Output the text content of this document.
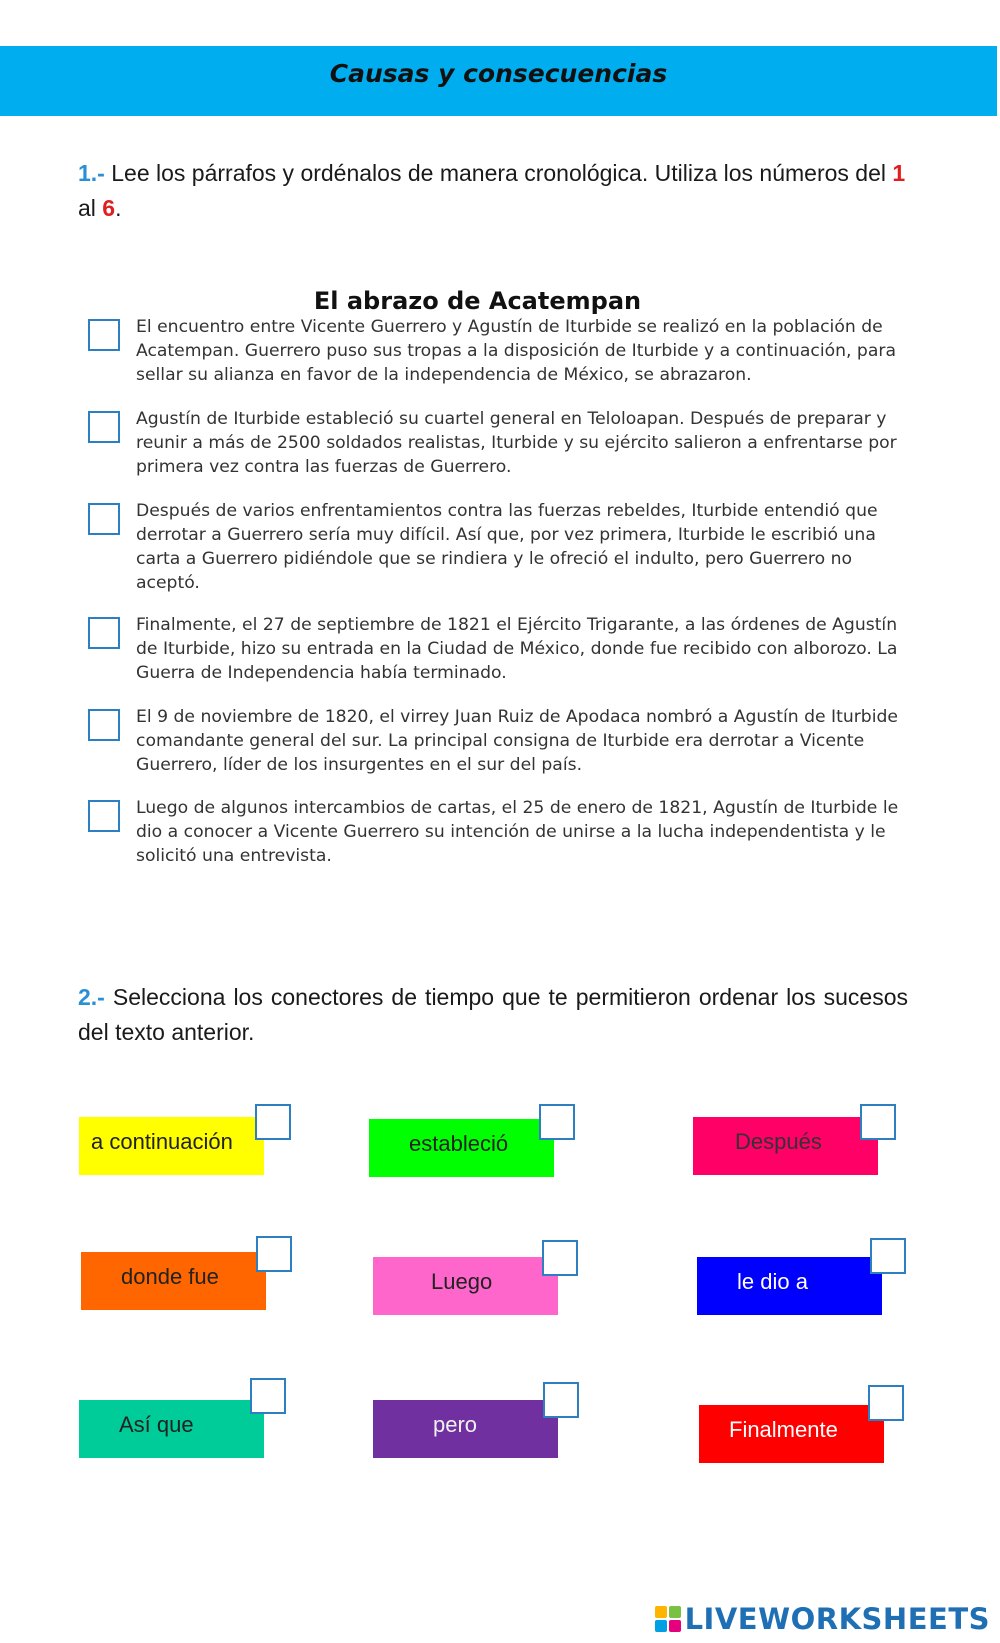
Causas y consecuencias
1.- Lee los párrafos y ordénalos de manera cronológica. Utiliza los números del 1 al 6.
El abrazo de Acatempan
El encuentro entre Vicente Guerrero y Agustín de Iturbide se realizó en la población de Acatempan. Guerrero puso sus tropas a la disposición de Iturbide y a continuación, para sellar su alianza en favor de la independencia de México, se abrazaron.
Agustín de Iturbide estableció su cuartel general en Teloloapan. Después de preparar y reunir a más de 2500 soldados realistas, Iturbide y su ejército salieron a enfrentarse por primera vez contra las fuerzas de Guerrero.
Después de varios enfrentamientos contra las fuerzas rebeldes, Iturbide entendió que derrotar a Guerrero sería muy difícil. Así que, por vez primera, Iturbide le escribió una carta a Guerrero pidiéndole que se rindiera y le ofreció el indulto, pero Guerrero no aceptó.
Finalmente, el 27 de septiembre de 1821 el Ejército Trigarante, a las órdenes de Agustín de Iturbide, hizo su entrada en la Ciudad de México, donde fue recibido con alborozo. La Guerra de Independencia había terminado.
El 9 de noviembre de 1820, el virrey Juan Ruiz de Apodaca nombró a Agustín de Iturbide comandante general del sur. La principal consigna de Iturbide era derrotar a Vicente Guerrero, líder de los insurgentes en el sur del país.
Luego de algunos intercambios de cartas, el 25 de enero de 1821, Agustín de Iturbide le dio a conocer a Vicente Guerrero su intención de unirse a la lucha independentista y le solicitó una entrevista.
2.- Selecciona los conectores de tiempo que te permitieron ordenar los sucesos del texto anterior.
a continuación	estableció	Después
donde fue	Luego	le dio a
Así que	pero	Finalmente
LIVEWORKSHEETS
